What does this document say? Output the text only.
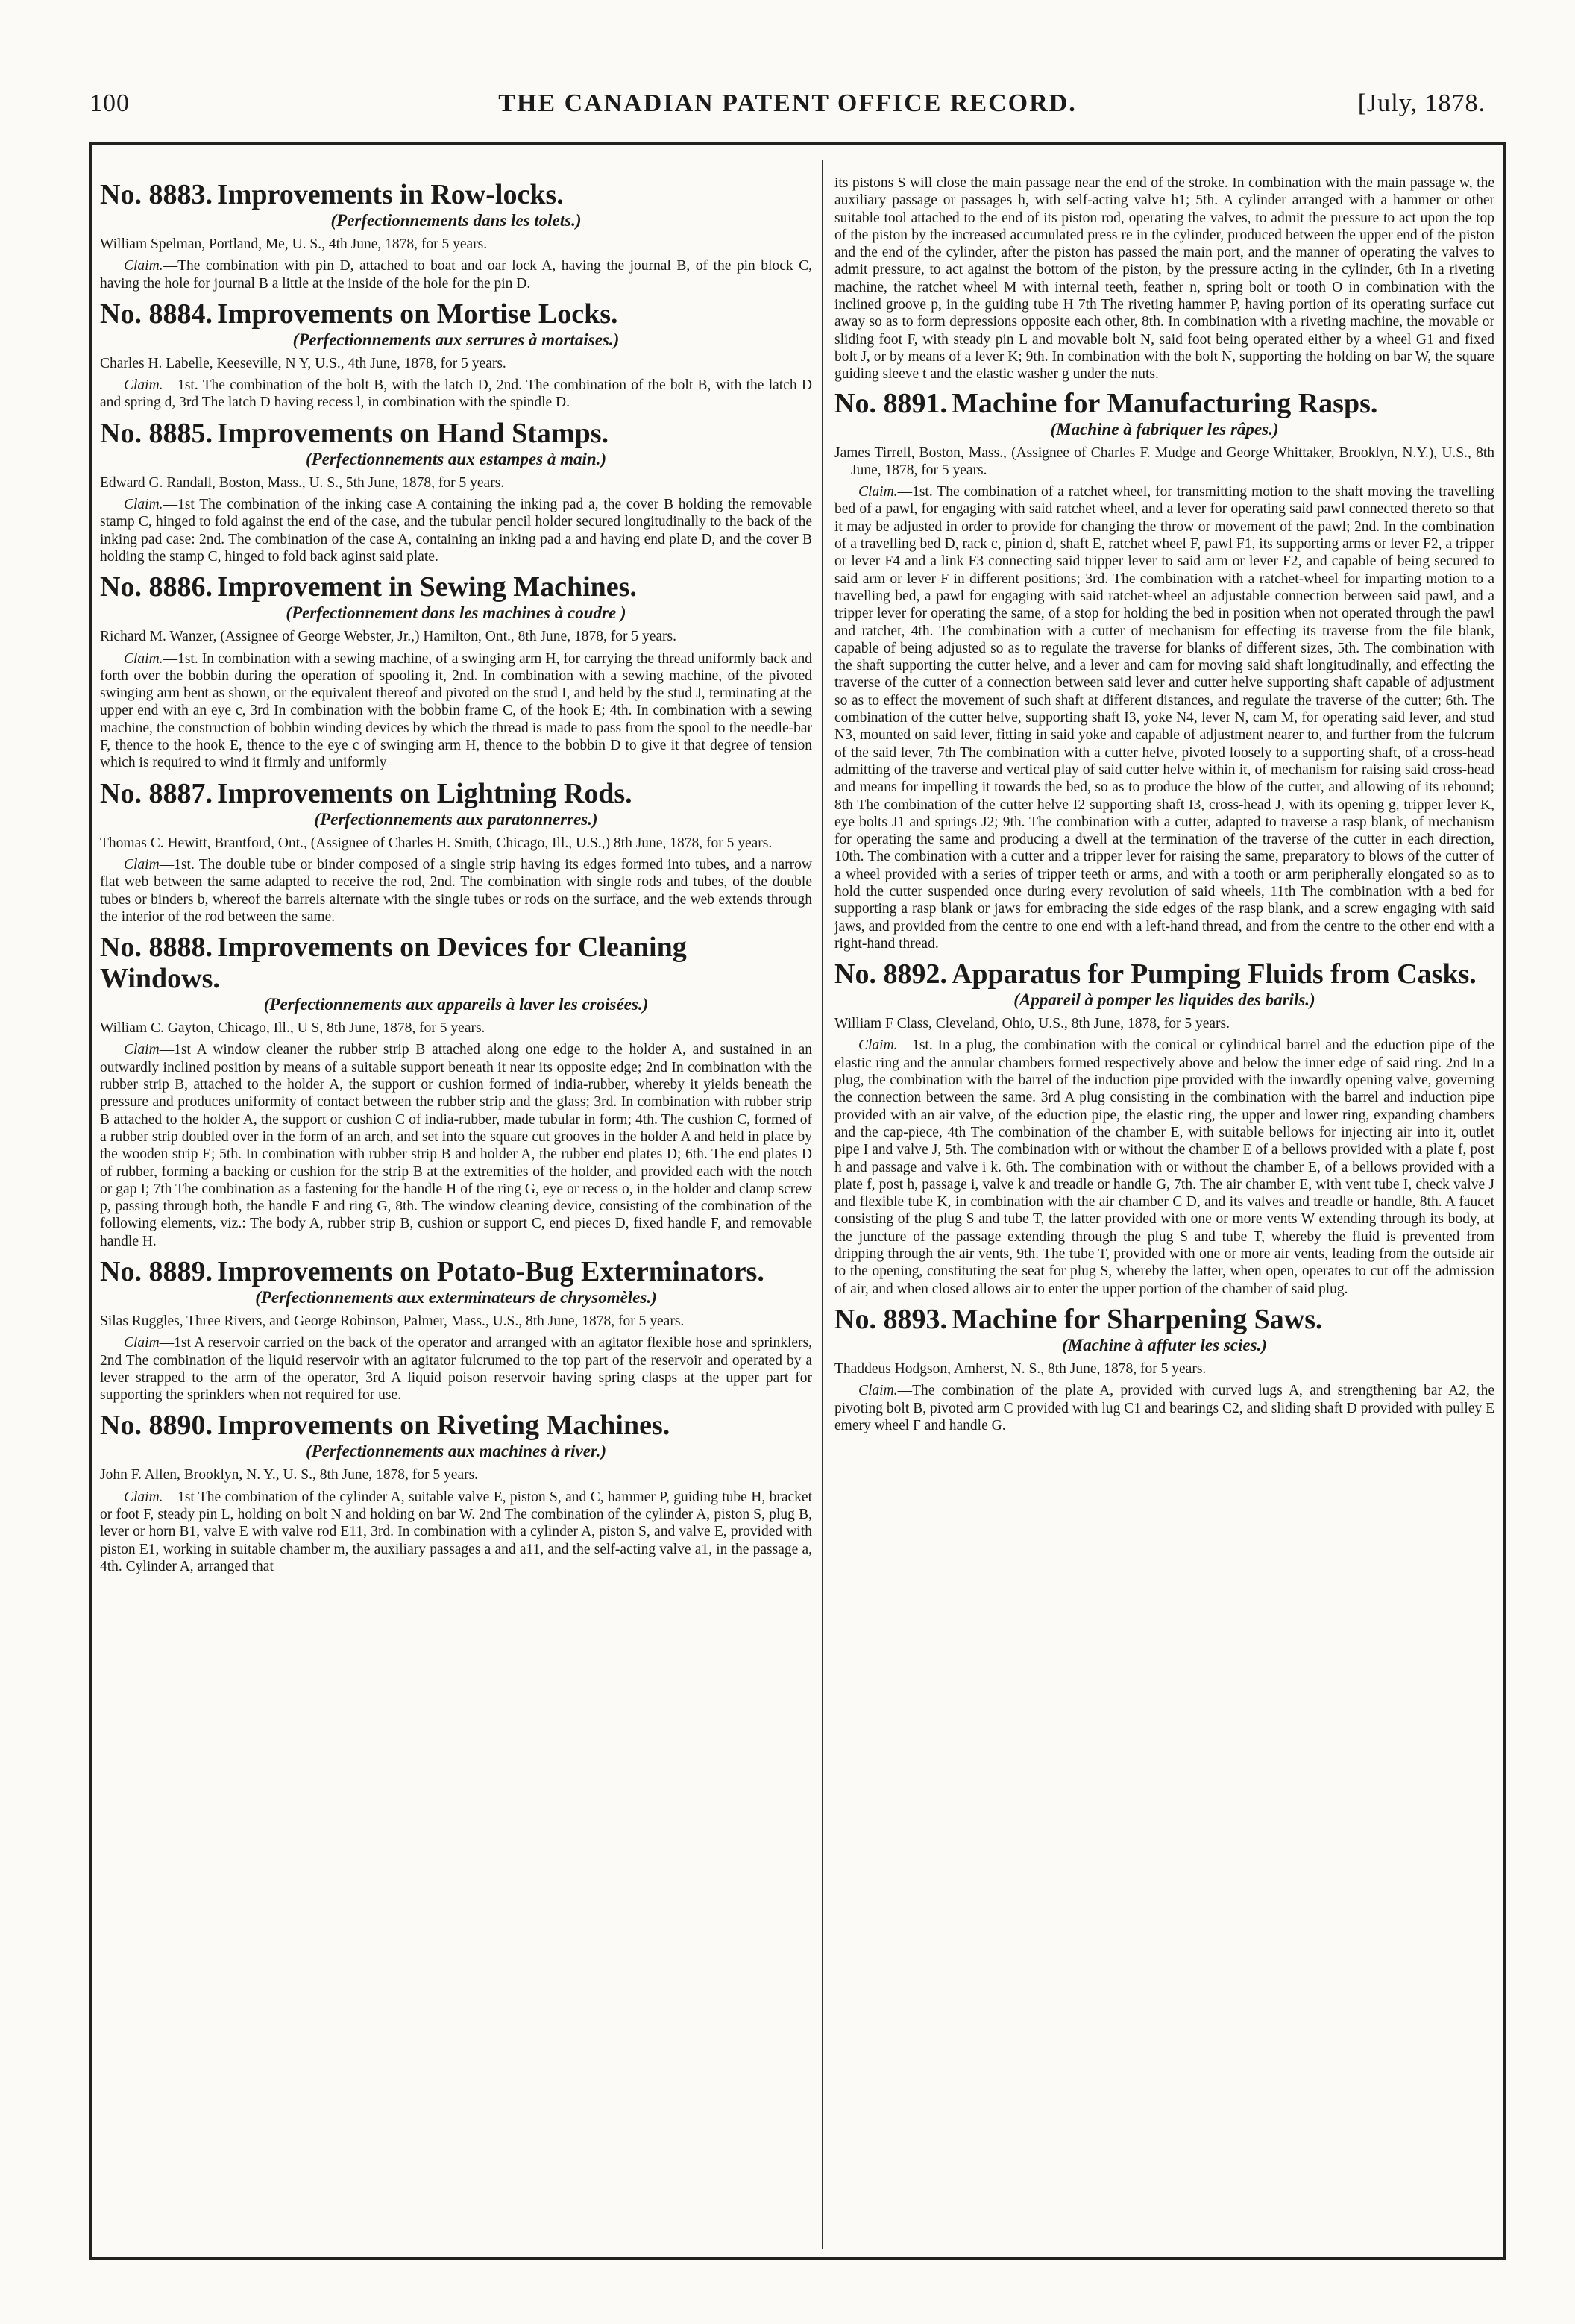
100	THE CANADIAN PATENT OFFICE RECORD.	[July, 1878.
No. 8883. Improvements in Row-locks.
(Perfectionnements dans les tolets.)
William Spelman, Portland, Me, U. S., 4th June, 1878, for 5 years.
Claim.—The combination with pin D, attached to boat and oar lock A, having the journal B, of the pin block C, having the hole for journal B a little at the inside of the hole for the pin D.
No. 8884. Improvements on Mortise Locks.
(Perfectionnements aux serrures à mortaises.)
Charles H. Labelle, Keeseville, N Y, U.S., 4th June, 1878, for 5 years.
Claim.—1st. The combination of the bolt B, with the latch D, 2nd. The combination of the bolt B, with the latch D and spring d, 3rd The latch D having recess l, in combination with the spindle D.
No. 8885. Improvements on Hand Stamps.
(Perfectionnements aux estampes à main.)
Edward G. Randall, Boston, Mass., U. S., 5th June, 1878, for 5 years.
Claim.—1st The combination of the inking case A containing the inking pad a, the cover B holding the removable stamp C, hinged to fold against the end of the case, and the tubular pencil holder secured longitudinally to the back of the inking pad case: 2nd. The combination of the case A, containing an inking pad a and having end plate D, and the cover B holding the stamp C, hinged to fold back aginst said plate.
No. 8886. Improvement in Sewing Machines.
(Perfectionnement dans les machines à coudre )
Richard M. Wanzer, (Assignee of George Webster, Jr.,) Hamilton, Ont., 8th June, 1878, for 5 years.
Claim.—1st. In combination with a sewing machine, of a swinging arm H, for carrying the thread uniformly back and forth over the bobbin during the operation of spooling it, 2nd. In combination with a sewing machine, of the pivoted swinging arm bent as shown, or the equivalent thereof and pivoted on the stud I, and held by the stud J, terminating at the upper end with an eye c, 3rd In combination with the bobbin frame C, of the hook E; 4th. In combination with a sewing machine, the construction of bobbin winding devices by which the thread is made to pass from the spool to the needle-bar F, thence to the hook E, thence to the eye c of swinging arm H, thence to the bobbin D to give it that degree of tension which is required to wind it firmly and uniformly
No. 8887. Improvements on Lightning Rods.
(Perfectionnements aux paratonnerres.)
Thomas C. Hewitt, Brantford, Ont., (Assignee of Charles H. Smith, Chicago, Ill., U.S.,) 8th June, 1878, for 5 years.
Claim—1st. The double tube or binder composed of a single strip having its edges formed into tubes, and a narrow flat web between the same adapted to receive the rod, 2nd. The combination with single rods and tubes, of the double tubes or binders b, whereof the barrels alternate with the single tubes or rods on the surface, and the web extends through the interior of the rod between the same.
No. 8888. Improvements on Devices for Cleaning Windows.
(Perfectionnements aux appareils à laver les croisées.)
William C. Gayton, Chicago, Ill., U S, 8th June, 1878, for 5 years.
Claim—1st A window cleaner the rubber strip B attached along one edge to the holder A, and sustained in an outwardly inclined position by means of a suitable support beneath it near its opposite edge; 2nd In combination with the rubber strip B, attached to the holder A, the support or cushion formed of india-rubber, whereby it yields beneath the pressure and produces uniformity of contact between the rubber strip and the glass; 3rd. In combination with rubber strip B attached to the holder A, the support or cushion C of india-rubber, made tubular in form; 4th. The cushion C, formed of a rubber strip doubled over in the form of an arch, and set into the square cut grooves in the holder A and held in place by the wooden strip E; 5th. In combination with rubber strip B and holder A, the rubber end plates D; 6th. The end plates D of rubber, forming a backing or cushion for the strip B at the extremities of the holder, and provided each with the notch or gap I; 7th The combination as a fastening for the handle H of the ring G, eye or recess o, in the holder and clamp screw p, passing through both, the handle F and ring G, 8th. The window cleaning device, consisting of the combination of the following elements, viz.: The body A, rubber strip B, cushion or support C, end pieces D, fixed handle F, and removable handle H.
No. 8889. Improvements on Potato-Bug Exterminators.
(Perfectionnements aux exterminateurs de chrysomèles.)
Silas Ruggles, Three Rivers, and George Robinson, Palmer, Mass., U.S., 8th June, 1878, for 5 years.
Claim—1st A reservoir carried on the back of the operator and arranged with an agitator flexible hose and sprinklers, 2nd The combination of the liquid reservoir with an agitator fulcrumed to the top part of the reservoir and operated by a lever strapped to the arm of the operator, 3rd A liquid poison reservoir having spring clasps at the upper part for supporting the sprinklers when not required for use.
No. 8890. Improvements on Riveting Machines.
(Perfectionnements aux machines à river.)
John F. Allen, Brooklyn, N. Y., U. S., 8th June, 1878, for 5 years.
Claim.—1st The combination of the cylinder A, suitable valve E, piston S, and C, hammer P, guiding tube H, bracket or foot F, steady pin L, holding on bolt N and holding on bar W. 2nd The combination of the cylinder A, piston S, plug B, lever or horn B1, valve E with valve rod E11, 3rd. In combination with a cylinder A, piston S, and valve E, provided with piston E1, working in suitable chamber m, the auxiliary passages a and a11, and the self-acting valve a1, in the passage a, 4th. Cylinder A, arranged that
its pistons S will close the main passage near the end of the stroke. In combination with the main passage w, the auxiliary passage or passages h, with self-acting valve h1; 5th. A cylinder arranged with a hammer or other suitable tool attached to the end of its piston rod, operating the valves, to admit the pressure to act upon the top of the piston by the increased accumulated press re in the cylinder, produced between the upper end of the piston and the end of the cylinder, after the piston has passed the main port, and the manner of operating the valves to admit pressure, to act against the bottom of the piston, by the pressure acting in the cylinder, 6th In a riveting machine, the ratchet wheel M with internal teeth, feather n, spring bolt or tooth O in combination with the inclined groove p, in the guiding tube H 7th The riveting hammer P, having portion of its operating surface cut away so as to form depressions opposite each other, 8th. In combination with a riveting machine, the movable or sliding foot F, with steady pin L and movable bolt N, said foot being operated either by a wheel G1 and fixed bolt J, or by means of a lever K; 9th. In combination with the bolt N, supporting the holding on bar W, the square guiding sleeve t and the elastic washer g under the nuts.
No. 8891. Machine for Manufacturing Rasps.
(Machine à fabriquer les râpes.)
James Tirrell, Boston, Mass., (Assignee of Charles F. Mudge and George Whittaker, Brooklyn, N.Y.), U.S., 8th June, 1878, for 5 years.
Claim.—1st. The combination of a ratchet wheel, for transmitting motion to the shaft moving the travelling bed of a pawl, for engaging with said ratchet wheel, and a lever for operating said pawl connected thereto so that it may be adjusted in order to provide for changing the throw or movement of the pawl; 2nd. In the combination of a travelling bed D, rack c, pinion d, shaft E, ratchet wheel F, pawl F1, its supporting arms or lever F2, a tripper or lever F4 and a link F3 connecting said tripper lever to said arm or lever F2, and capable of being secured to said arm or lever F in different positions; 3rd. The combination with a ratchet-wheel for imparting motion to a travelling bed, a pawl for engaging with said ratchet-wheel an adjustable connection between said pawl, and a tripper lever for operating the same, of a stop for holding the bed in position when not operated through the pawl and ratchet, 4th. The combination with a cutter of mechanism for effecting its traverse from the file blank, capable of being adjusted so as to regulate the traverse for blanks of different sizes, 5th. The combination with the shaft supporting the cutter helve, and a lever and cam for moving said shaft longitudinally, and effecting the traverse of the cutter of a connection between said lever and cutter helve supporting shaft capable of adjustment so as to effect the movement of such shaft at different distances, and regulate the traverse of the cutter; 6th. The combination of the cutter helve, supporting shaft I3, yoke N4, lever N, cam M, for operating said lever, and stud N3, mounted on said lever, fitting in said yoke and capable of adjustment nearer to, and further from the fulcrum of the said lever, 7th The combination with a cutter helve, pivoted loosely to a supporting shaft, of a cross-head admitting of the traverse and vertical play of said cutter helve within it, of mechanism for raising said cross-head and means for impelling it towards the bed, so as to produce the blow of the cutter, and allowing of its rebound; 8th The combination of the cutter helve I2 supporting shaft I3, cross-head J, with its opening g, tripper lever K, eye bolts J1 and springs J2; 9th. The combination with a cutter, adapted to traverse a rasp blank, of mechanism for operating the same and producing a dwell at the termination of the traverse of the cutter in each direction, 10th. The combination with a cutter and a tripper lever for raising the same, preparatory to blows of the cutter of a wheel provided with a series of tripper teeth or arms, and with a tooth or arm peripherally elongated so as to hold the cutter suspended once during every revolution of said wheels, 11th The combination with a bed for supporting a rasp blank or jaws for embracing the side edges of the rasp blank, and a screw engaging with said jaws, and provided from the centre to one end with a left-hand thread, and from the centre to the other end with a right-hand thread.
No. 8892. Apparatus for Pumping Fluids from Casks.
(Appareil à pomper les liquides des barils.)
William F Class, Cleveland, Ohio, U.S., 8th June, 1878, for 5 years.
Claim.—1st. In a plug, the combination with the conical or cylindrical barrel and the eduction pipe of the elastic ring and the annular chambers formed respectively above and below the inner edge of said ring. 2nd In a plug, the combination with the barrel of the induction pipe provided with the inwardly opening valve, governing the connection between the same. 3rd A plug consisting in the combination with the barrel and induction pipe provided with an air valve, of the eduction pipe, the elastic ring, the upper and lower ring, expanding chambers and the cap-piece, 4th The combination of the chamber E, with suitable bellows for injecting air into it, outlet pipe I and valve J, 5th. The combination with or without the chamber E of a bellows provided with a plate f, post h and passage and valve i k. 6th. The combination with or without the chamber E, of a bellows provided with a plate f, post h, passage i, valve k and treadle or handle G, 7th. The air chamber E, with vent tube I, check valve J and flexible tube K, in combination with the air chamber C D, and its valves and treadle or handle, 8th. A faucet consisting of the plug S and tube T, the latter provided with one or more vents W extending through its body, at the juncture of the passage extending through the plug S and tube T, whereby the fluid is prevented from dripping through the air vents, 9th. The tube T, provided with one or more air vents, leading from the outside air to the opening, constituting the seat for plug S, whereby the latter, when open, operates to cut off the admission of air, and when closed allows air to enter the upper portion of the chamber of said plug.
No. 8893. Machine for Sharpening Saws.
(Machine à affuter les scies.)
Thaddeus Hodgson, Amherst, N. S., 8th June, 1878, for 5 years.
Claim.—The combination of the plate A, provided with curved lugs A, and strengthening bar A2, the pivoting bolt B, pivoted arm C provided with lug C1 and bearings C2, and sliding shaft D provided with pulley E emery wheel F and handle G.
